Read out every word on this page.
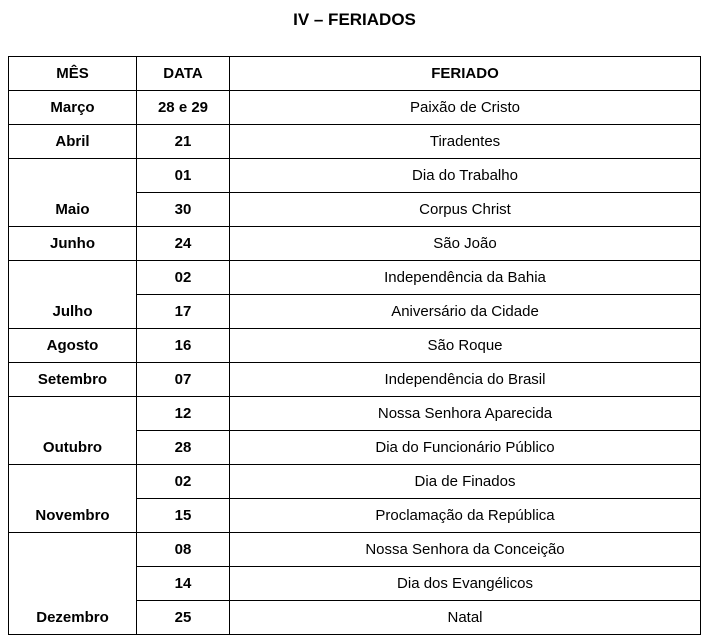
IV – FERIADOS
MÊS	DATA	FERIADO
Março	28 e 29	Paixão de Cristo
Abril	21	Tiradentes
Maio	01	Dia do Trabalho
	30	Corpus Christ
Junho	24	São João
Julho	02	Independência da Bahia
	17	Aniversário da Cidade
Agosto	16	São Roque
Setembro	07	Independência do Brasil
Outubro	12	Nossa Senhora Aparecida
	28	Dia do Funcionário Público
Novembro	02	Dia de Finados
	15	Proclamação da República
Dezembro	08	Nossa Senhora da Conceição
	14	Dia dos Evangélicos
	25	Natal
